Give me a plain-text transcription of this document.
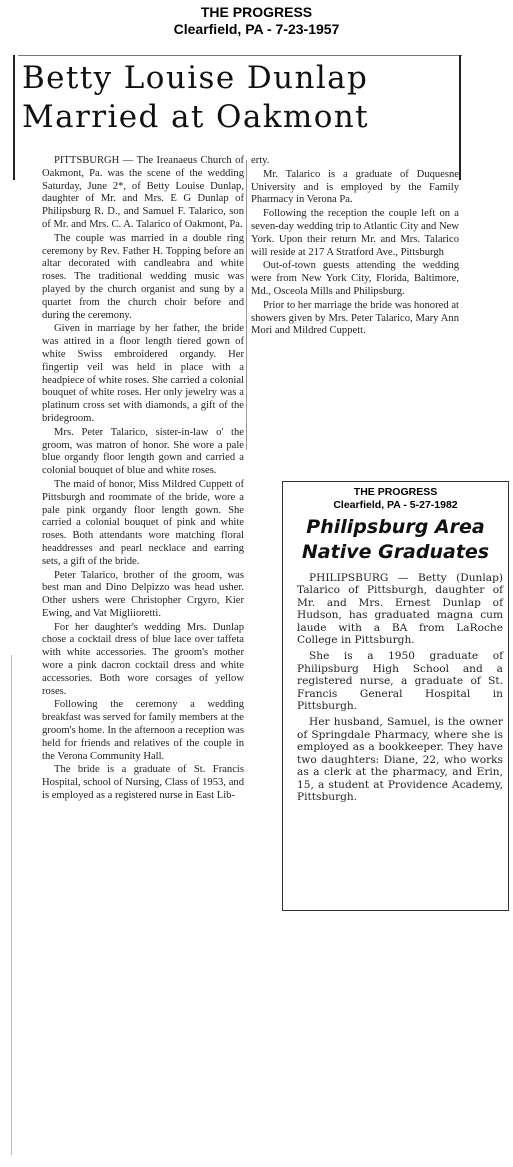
THE PROGRESS
Clearfield, PA - 7-23-1957
Betty Louise Dunlap
Married at Oakmont

PITTSBURGH — The Ireanaeus Church of Oakmont, Pa. was the scene of the wedding Saturday, June 2*, of Betty Louise Dunlap, daughter of Mr. and Mrs. E G Dunlap of Philipsburg R. D., and Samuel F. Talarico, son of Mr. and Mrs. C. A. Talarico of Oakmont, Pa.

The couple was married in a double ring ceremony by Rev. Father H. Topping before an altar decorated with candleabra and white roses. The traditional wedding music was played by the church organist and sung by a quartet from the church choir before and during the ceremony.

Given in marriage by her father, the bride was attired in a floor length tiered gown of white Swiss embroidered organdy. Her fingertip veil was held in place with a headpiece of white roses. She carried a colonial bouquet of white roses. Her only jewelry was a platinum cross set with diamonds, a gift of the bridegroom.

Mrs. Peter Talarico, sister-in-law o' the groom, was matron of honor. She wore a pale blue organdy floor length gown and carried a colonial bouquet of blue and white roses.

The maid of honor, Miss Mildred Cuppett of Pittsburgh and roommate of the bride, wore a pale pink organdy floor length gown. She carried a colonial bouquet of pink and white roses. Both attendants wore matching floral headdresses and pearl necklace and earring sets, a gift of the bride.

Peter Talarico, brother of the groom, was best man and Dino Delpizzo was head usher. Other ushers were Christopher Crgyro, Kier Ewing, and Vat Migliioretti.

For her daughter's wedding Mrs. Dunlap chose a cocktail dress of blue lace over taffeta with white accessories. The groom's mother wore a pink dacron cocktail dress and white accessories. Both wore corsages of yellow roses.

Following the ceremony a wedding breakfast was served for family members at the groom's home. In the afternoon a reception was held for friends and relatives of the couple in the Verona Community Hall.

The bride is a graduate of St. Francis Hospital, school of Nursing, Class of 1953, and is employed as a registered nurse in East Lib-

erty.

Mr. Talarico is a graduate of Duquesne University and is employed by the Family Pharmacy in Verona Pa.

Following the reception the couple left on a seven-day wedding trip to Atlantic City and New York. Upon their return Mr. and Mrs. Talarico will reside at 217 A Stratford Ave., Pittsburgh

Out-of-town guests attending the wedding were from New York City, Florida, Baltimore, Md., Osceola Mills and Philipsburg.

Prior to her marriage the bride was honored at showers given by Mrs. Peter Talarico, Mary Ann Mori and Mildred Cuppett.

THE PROGRESS
Clearfield, PA - 5-27-1982
Philipsburg Area
Native Graduates

PHILIPSBURG — Betty (Dunlap) Talarico of Pittsburgh, daughter of Mr. and Mrs. Ernest Dunlap of Hudson, has graduated magna cum laude with a BA from LaRoche College in Pittsburgh.

She is a 1950 graduate of Philipsburg High School and a registered nurse, a graduate of St. Francis General Hospital in Pittsburgh.

Her husband, Samuel, is the owner of Springdale Pharmacy, where she is employed as a bookkeeper. They have two daughters: Diane, 22, who works as a clerk at the pharmacy, and Erin, 15, a student at Providence Academy, Pittsburgh.
